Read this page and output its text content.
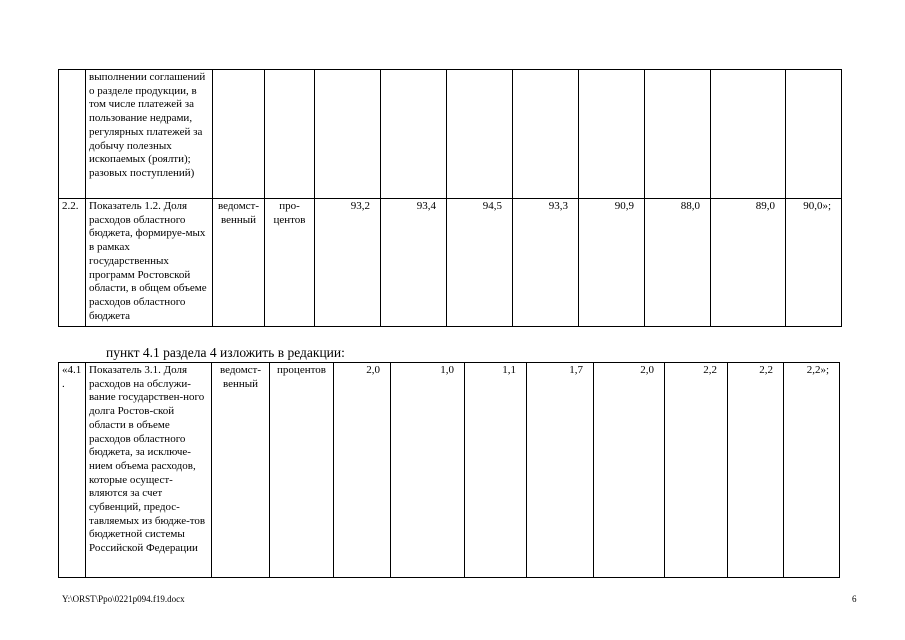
	выполнении соглашений о разделе продукции, в том числе платежей за пользование недрами, регулярных платежей за добычу полезных ископаемых (роялти); разовых поступлений)										
2.2.	Показатель 1.2. Доля расходов областного бюджета, формируе-мых в рамках государственных программ Ростовской области, в общем объеме расходов областного бюджета	ведомст-венный	про-центов	93,2	93,4	94,5	93,3	90,9	88,0	89,0	90,0»;
пункт 4.1 раздела 4 изложить в редакции:
«4.1.	Показатель 3.1. Доля расходов на обслужи-вание государствен-ного долга Ростов-ской области в объеме расходов областного бюджета, за исключе-нием объема расходов, которые осущест-вляются за счет субвенций, предос-тавляемых из бюдже-тов бюджетной системы Российской Федерации	ведомст-венный	процентов	2,0	1,0	1,1	1,7	2,0	2,2	2,2	2,2»;
Y:\ORST\Ppo\0221p094.f19.docx	6
